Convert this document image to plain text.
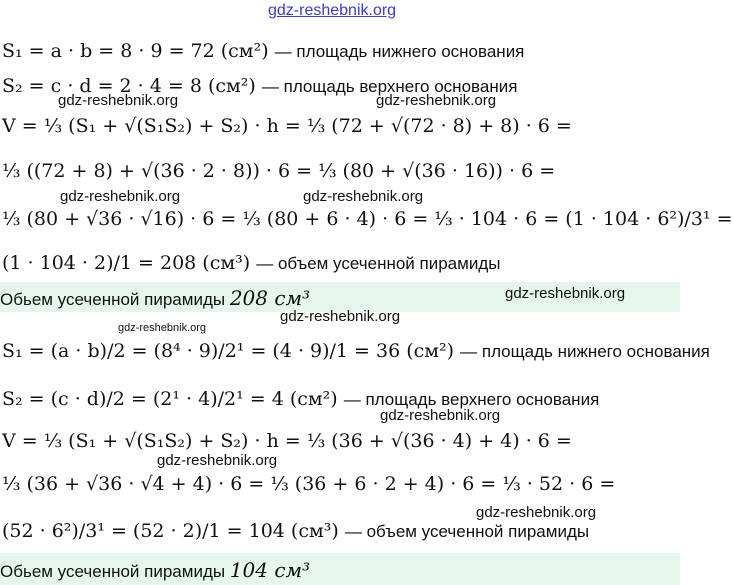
gdz-reshebnik.org
S₁ = a · b = 8 · 9 = 72 (см²) — площадь нижнего основания
S₂ = c · d = 2 · 4 = 8 (см²) — площадь верхнего основания
gdz-reshebnik.org	gdz-reshebnik.org
V = ⅓ (S₁ + √(S₁S₂) + S₂) · h = ⅓ (72 + √(72 · 8) + 8) · 6 =
⅓ ((72 + 8) + √(36 · 2 · 8)) · 6 = ⅓ (80 + √(36 · 16)) · 6 =
gdz-reshebnik.org	gdz-reshebnik.org
⅓ (80 + √36 · √16) · 6 = ⅓ (80 + 6 · 4) · 6 = ⅓ · 104 · 6 = (1 · 104 · 6²)/3¹ =
(1 · 104 · 2)/1 = 208 (см³) — объем усеченной пирамиды
Обьем усеченной пирамиды 208 см³	gdz-reshebnik.org
gdz-reshebnik.org
gdz-reshebnik.org
S₁ = (a · b)/2 = (8⁴ · 9)/2¹ = (4 · 9)/1 = 36 (см²) — площадь нижнего основания
S₂ = (c · d)/2 = (2¹ · 4)/2¹ = 4 (см²) — площадь верхнего основания
gdz-reshebnik.org
V = ⅓ (S₁ + √(S₁S₂) + S₂) · h = ⅓ (36 + √(36 · 4) + 4) · 6 =
gdz-reshebnik.org
⅓ (36 + √36 · √4 + 4) · 6 = ⅓ (36 + 6 · 2 + 4) · 6 = ⅓ · 52 · 6 =
gdz-reshebnik.org
(52 · 6²)/3¹ = (52 · 2)/1 = 104 (см³) — объем усеченной пирамиды
Обьем усеченной пирамиды 104 см³
